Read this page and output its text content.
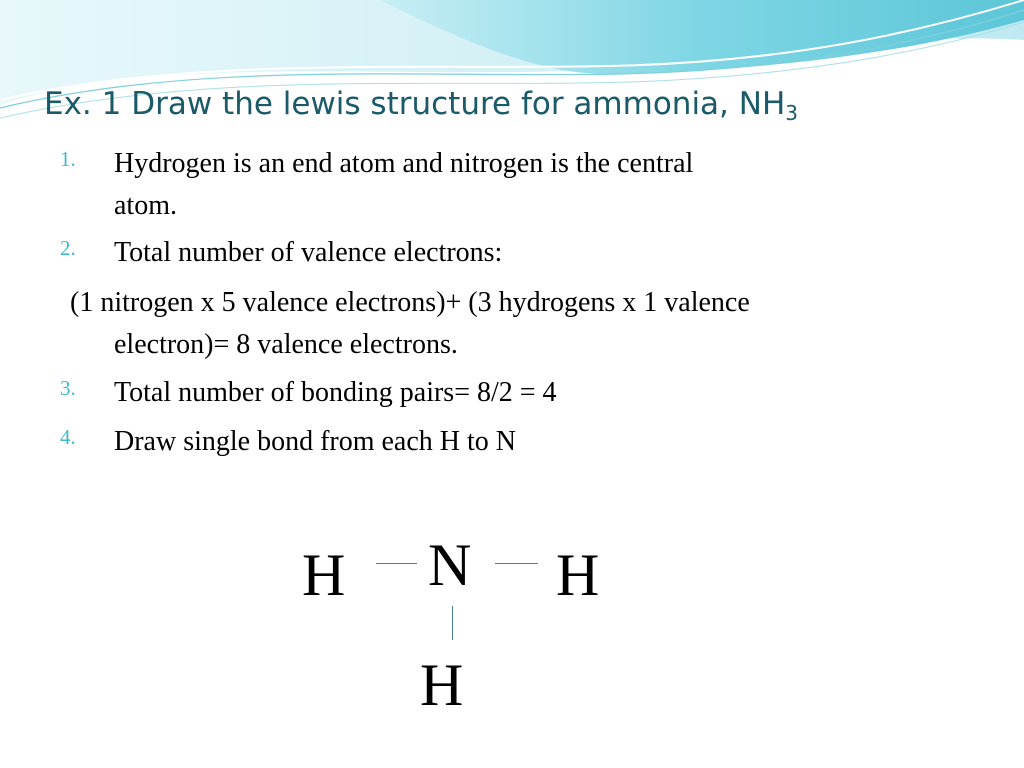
Ex. 1 Draw the lewis structure for ammonia, $NH_3$
1. Hydrogen is an end atom and nitrogen is the central
atom.
2. Total number of valence electrons:
(1 nitrogen x 5 valence electrons)+ (3 hydrogens x 1 valence
electron)= 8 valence electrons.
3. Total number of bonding pairs= 8/2 = 4
4. Draw single bond from each H to N
H N H
H
